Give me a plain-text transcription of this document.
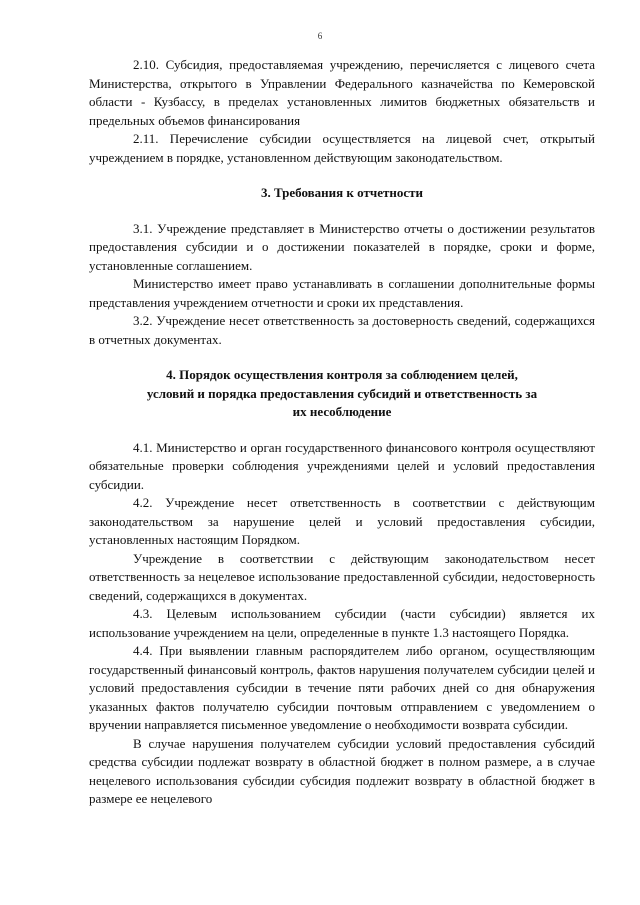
6

2.10. Субсидия, предоставляемая учреждению, перечисляется с лицевого счета Министерства, открытого в Управлении Федерального казначейства по Кемеровской области - Кузбассу, в пределах установленных лимитов бюджетных обязательств и предельных объемов финансирования

2.11. Перечисление субсидии осуществляется на лицевой счет, открытый учреждением в порядке, установленном действующим законодательством.

3. Требования к отчетности

3.1. Учреждение представляет в Министерство отчеты о достижении результатов предоставления субсидии и о достижении показателей в порядке, сроки и форме, установленные соглашением.

Министерство имеет право устанавливать в соглашении дополнительные формы представления учреждением отчетности и сроки их представления.

3.2. Учреждение несет ответственность за достоверность сведений, содержащихся в отчетных документах.

4. Порядок осуществления контроля за соблюдением целей,

условий и порядка предоставления субсидий и ответственность за

их несоблюдение

4.1. Министерство и орган государственного финансового контроля осуществляют обязательные проверки соблюдения учреждениями целей и условий предоставления субсидии.

4.2. Учреждение несет ответственность в соответствии с действующим законодательством за нарушение целей и условий предоставления субсидии, установленных настоящим Порядком.

Учреждение в соответствии с действующим законодательством несет ответственность за нецелевое использование предоставленной субсидии, недостоверность сведений, содержащихся в документах.

4.3. Целевым использованием субсидии (части субсидии) является их использование учреждением на цели, определенные в пункте 1.3 настоящего Порядка.

4.4. При выявлении главным распорядителем либо органом, осуществляющим государственный финансовый контроль, фактов нарушения получателем субсидии целей и условий предоставления субсидии в течение пяти рабочих дней со дня обнаружения указанных фактов получателю субсидии почтовым отправлением с уведомлением о вручении направляется письменное уведомление о необходимости возврата субсидии.

В случае нарушения получателем субсидии условий предоставления субсидий средства субсидии подлежат возврату в областной бюджет в полном размере, а в случае нецелевого использования субсидии субсидия подлежит возврату в областной бюджет в размере ее нецелевого
